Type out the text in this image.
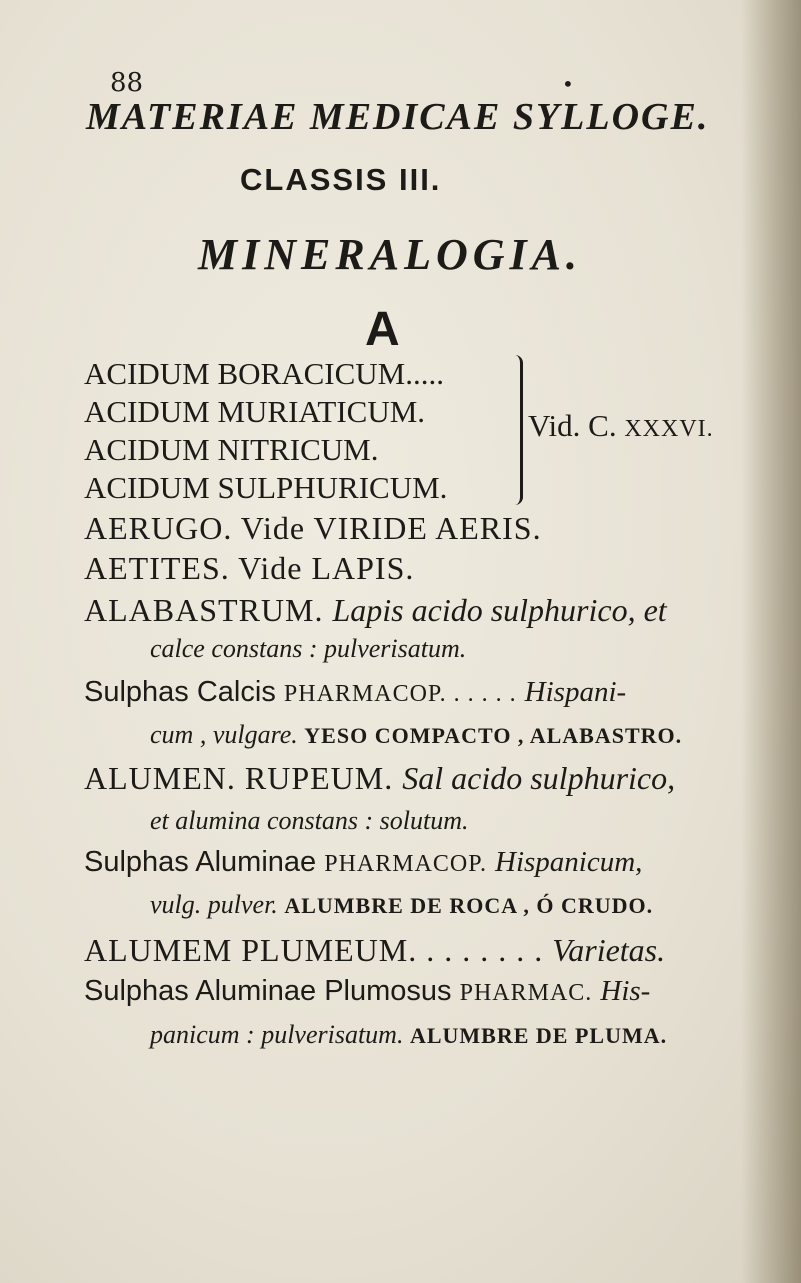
88	•
MATERIAE MEDICAE SYLLOGE.
CLASSIS III.
MINERALOGIA.
A
ACIDUM BORACICUM.....
ACIDUM MURIATICUM.
ACIDUM NITRICUM.
ACIDUM SULPHURICUM.
Vid. C. XXXVI.
AERUGO. Vide VIRIDE AERIS.
AETITES. Vide LAPIS.
ALABASTRUM. Lapis acido sulphurico, et
calce constans : pulverisatum.
Sulphas Calcis PHARMACOP. . . . . . Hispani-
cum , vulgare. YESO COMPACTO , ALABASTRO.
ALUMEN. RUPEUM. Sal acido sulphurico,
et alumina constans : solutum.
Sulphas Aluminae PHARMACOP. Hispanicum,
vulg. pulver. ALUMBRE DE ROCA , Ó CRUDO.
ALUMEM PLUMEUM. . . . . . . . Varietas.
Sulphas Aluminae Plumosus PHARMAC. His-
panicum : pulverisatum. ALUMBRE DE PLUMA.
